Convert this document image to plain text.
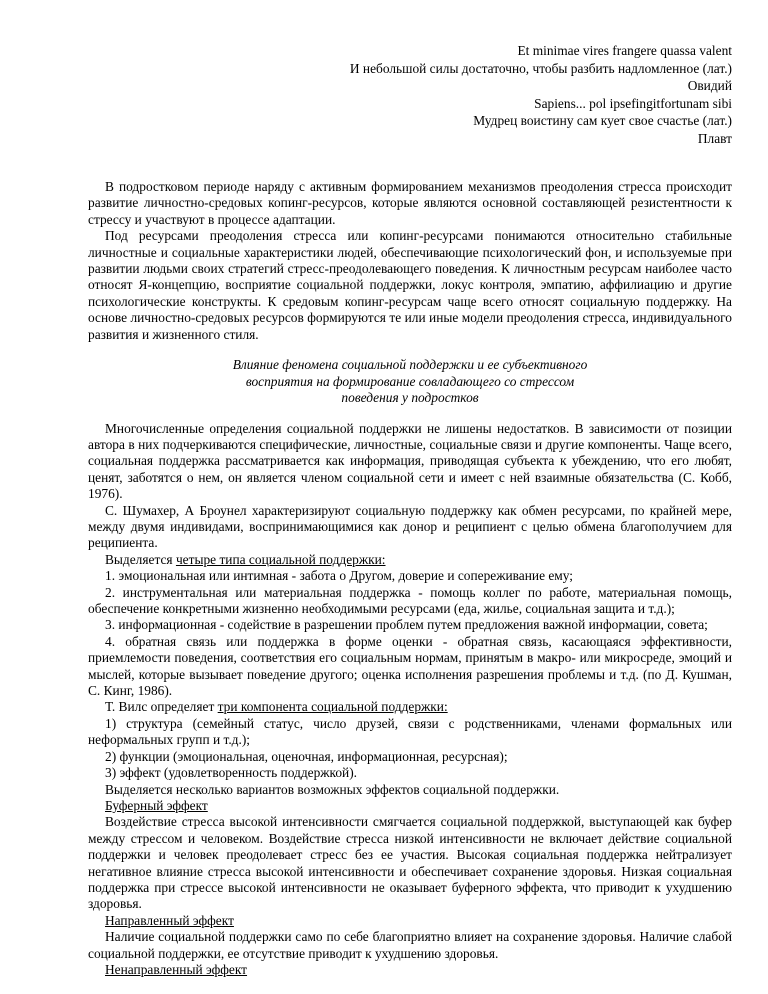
Et minimae vires frangere quassa valent
И небольшой силы достаточно, чтобы разбить надломленное (лат.)
Овидий
Sapiens... pol ipsefingitfortunam sibi
Мудрец воистину сам кует свое счастье (лат.)
Плавт

В подростковом периоде наряду с активным формированием механизмов преодоления стресса происходит развитие личностно-средовых копинг-ресурсов, которые являются основной составляющей резистентности к стрессу и участвуют в процессе адаптации.

Под ресурсами преодоления стресса или копинг-ресурсами понимаются относительно стабильные личностные и социальные характеристики людей, обеспечивающие психологический фон, и используемые при развитии людьми своих стратегий стресс-преодолевающего поведения. К личностным ресурсам наиболее часто относят Я-концепцию, восприятие социальной поддержки, локус контроля, эмпатию, аффилиацию и другие психологические конструкты. К средовым копинг-ресурсам чаще всего относят социальную поддержку. На основе личностно-средовых ресурсов формируются те или иные модели преодоления стресса, индивидуального развития и жизненного стиля.

Влияние феномена социальной поддержки и ее субъективного восприятия на формирование совладающего со стрессом поведения у подростков

Многочисленные определения социальной поддержки не лишены недостатков. В зависимости от позиции автора в них подчеркиваются специфические, личностные, социальные связи и другие компоненты. Чаще всего, социальная поддержка рассматривается как информация, приводящая субъекта к убеждению, что его любят, ценят, заботятся о нем, он является членом социальной сети и имеет с ней взаимные обязательства (С. Кобб, 1976).

С. Шумахер, А Броунел характеризируют социальную поддержку как обмен ресурсами, по крайней мере, между двумя индивидами, воспринимающимися как донор и реципиент с целью обмена благополучием для реципиента.

Выделяется четыре типа социальной поддержки:

1. эмоциональная или интимная - забота о Другом, доверие и сопереживание ему;

2. инструментальная или материальная поддержка - помощь коллег по работе, материальная помощь, обеспечение конкретными жизненно необходимыми ресурсами (еда, жилье, социальная защита и т.д.);

3. информационная - содействие в разрешении проблем путем предложения важной информации, совета;

4. обратная связь или поддержка в форме оценки - обратная связь, касающаяся эффективности, приемлемости поведения, соответствия его социальным нормам, принятым в макро- или микросреде, эмоций и мыслей, которые вызывает поведение другого; оценка исполнения разрешения проблемы и т.д. (по Д. Кушман, С. Кинг, 1986).

Т. Вилс определяет три компонента социальной поддержки:

1) структура (семейный статус, число друзей, связи с родственниками, членами формальных или неформальных групп и т.д.);

2) функции (эмоциональная, оценочная, информационная, ресурсная);

3) эффект (удовлетворенность поддержкой).

Выделяется несколько вариантов возможных эффектов социальной поддержки.

Буферный эффект

Воздействие стресса высокой интенсивности смягчается социальной поддержкой, выступающей как буфер между стрессом и человеком. Воздействие стресса низкой интенсивности не включает действие социальной поддержки и человек преодолевает стресс без ее участия. Высокая социальная поддержка нейтрализует негативное влияние стресса высокой интенсивности и обеспечивает сохранение здоровья. Низкая социальная поддержка при стрессе высокой интенсивности не оказывает буферного эффекта, что приводит к ухудшению здоровья.

Направленный эффект

Наличие социальной поддержки само по себе благоприятно влияет на сохранение здоровья. Наличие слабой социальной поддержки, ее отсутствие приводит к ухудшению здоровья.

Ненаправленный эффект
